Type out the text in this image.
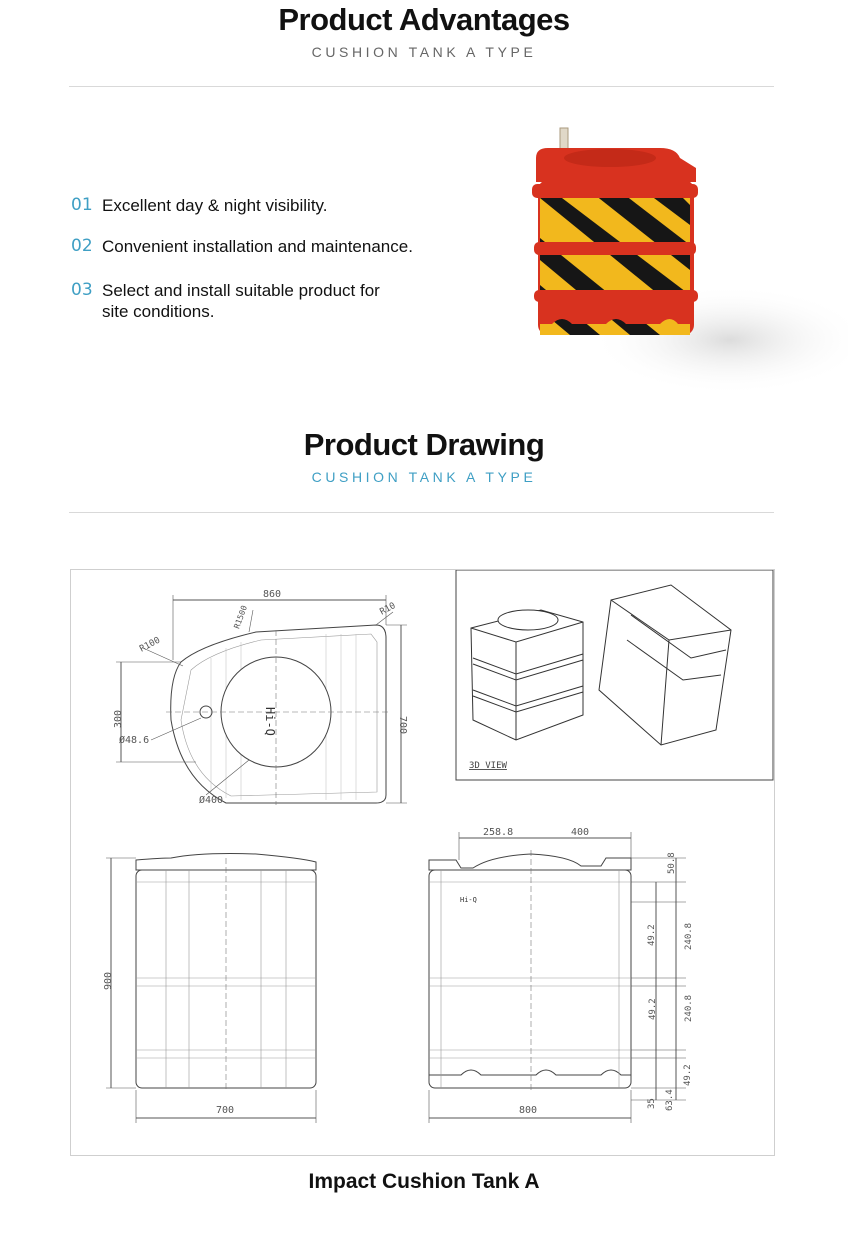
Product Advantages
CUSHION TANK A TYPE
01 Excellent day & night visibility.
02 Convenient installation and maintenance.
03 Select and install suitable product for site conditions.
Product Drawing
CUSHION TANK A TYPE
860
R1500
R100
R10
700
300
Ø48.6
Ø400
Hi-Q
3D VIEW
900
700
258.8	400
800
Hi-Q
50.8
49.2	240.8
49.2	240.8
49.2
35 63.4
Impact Cushion Tank A
